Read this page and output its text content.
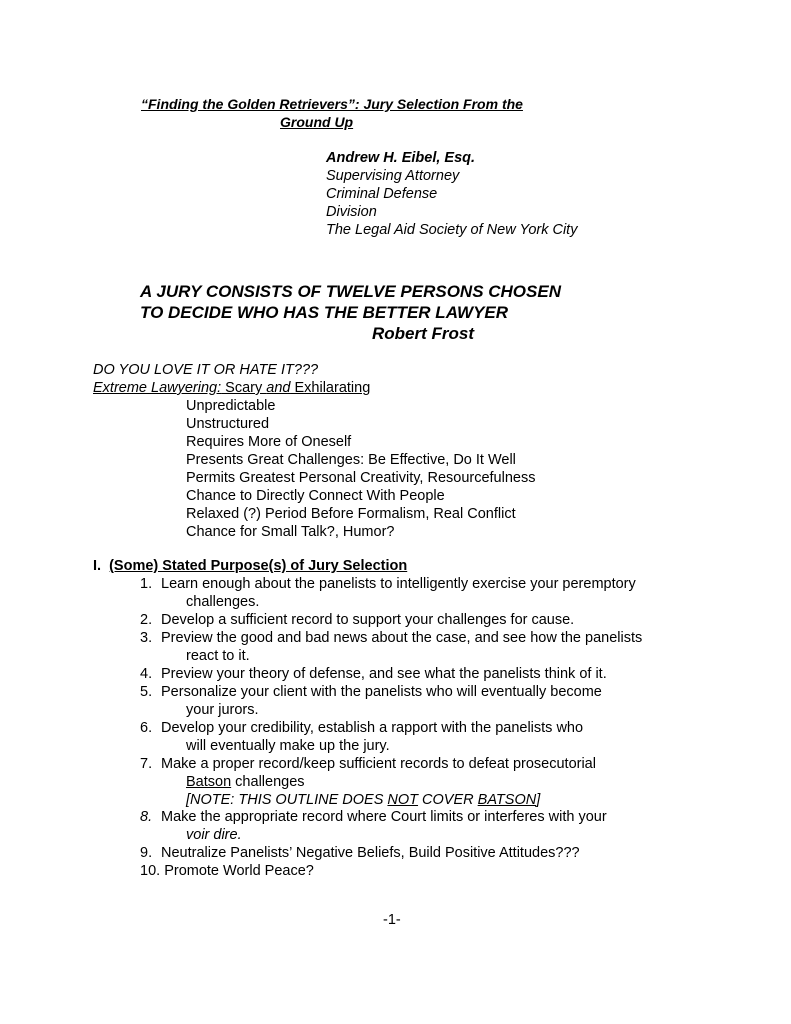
“Finding the Golden Retrievers”: Jury Selection From the
Ground Up
Andrew H. Eibel, Esq.
Supervising Attorney
Criminal Defense
Division
The Legal Aid Society of New York City
A JURY CONSISTS OF TWELVE PERSONS CHOSEN
TO DECIDE WHO HAS THE BETTER LAWYER
Robert Frost
DO YOU LOVE IT OR HATE IT???
Extreme Lawyering: Scary and Exhilarating
Unpredictable
Unstructured
Requires More of Oneself
Presents Great Challenges: Be Effective, Do It Well
Permits Greatest Personal Creativity, Resourcefulness
Chance to Directly Connect With People
Relaxed (?) Period Before Formalism, Real Conflict
Chance for Small Talk?, Humor?
I. (Some) Stated Purpose(s) of Jury Selection
1. Learn enough about the panelists to intelligently exercise your peremptory
challenges.
2. Develop a sufficient record to support your challenges for cause.
3. Preview the good and bad news about the case, and see how the panelists
react to it.
4. Preview your theory of defense, and see what the panelists think of it.
5. Personalize your client with the panelists who will eventually become
your jurors.
6. Develop your credibility, establish a rapport with the panelists who
will eventually make up the jury.
7. Make a proper record/keep sufficient records to defeat prosecutorial
Batson challenges
[NOTE: THIS OUTLINE DOES NOT COVER BATSON]
8. Make the appropriate record where Court limits or interferes with your
voir dire.
9. Neutralize Panelists’ Negative Beliefs, Build Positive Attitudes???
10. Promote World Peace?
-1-
